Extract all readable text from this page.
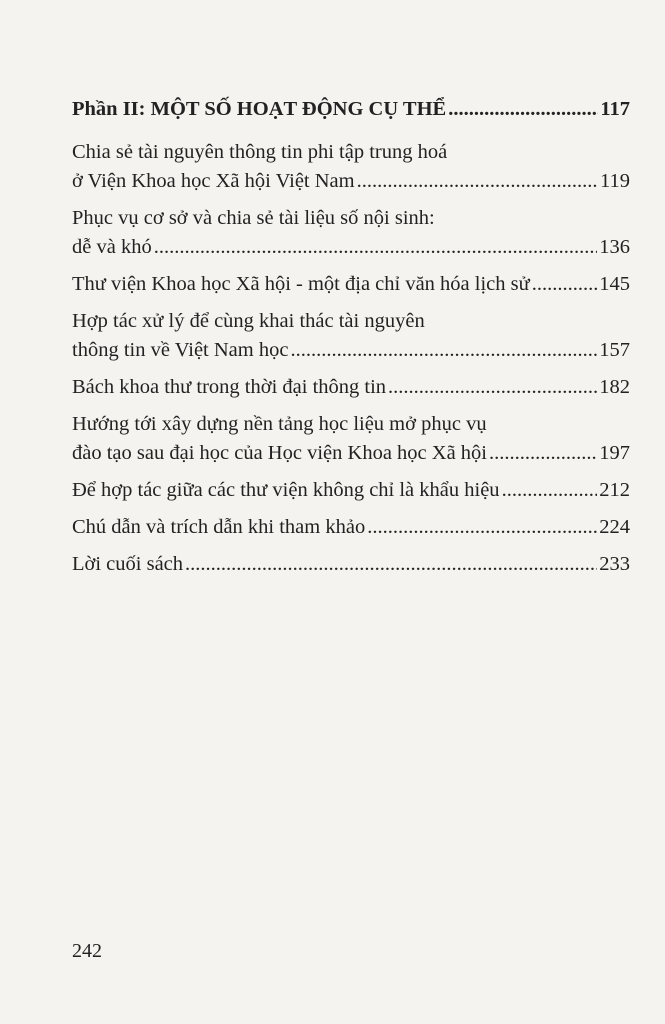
Phần II: MỘT SỐ HOẠT ĐỘNG CỤ THỂ .....	117
Chia sẻ tài nguyên thông tin phi tập trung hoá
ở Viện Khoa học Xã hội Việt Nam .....	119
Phục vụ cơ sở và chia sẻ tài liệu số nội sinh:
dễ và khó .....	136
Thư viện Khoa học Xã hội - một địa chỉ văn hóa lịch sử .....	145
Hợp tác xử lý để cùng khai thác tài nguyên
thông tin về Việt Nam học .....	157
Bách khoa thư trong thời đại thông tin .....	182
Hướng tới xây dựng nền tảng học liệu mở phục vụ
đào tạo sau đại học của Học viện Khoa học Xã hội .....	197
Để hợp tác giữa các thư viện không chỉ là khẩu hiệu .....	212
Chú dẫn và trích dẫn khi tham khảo .....	224
Lời cuối sách .....	233
242
